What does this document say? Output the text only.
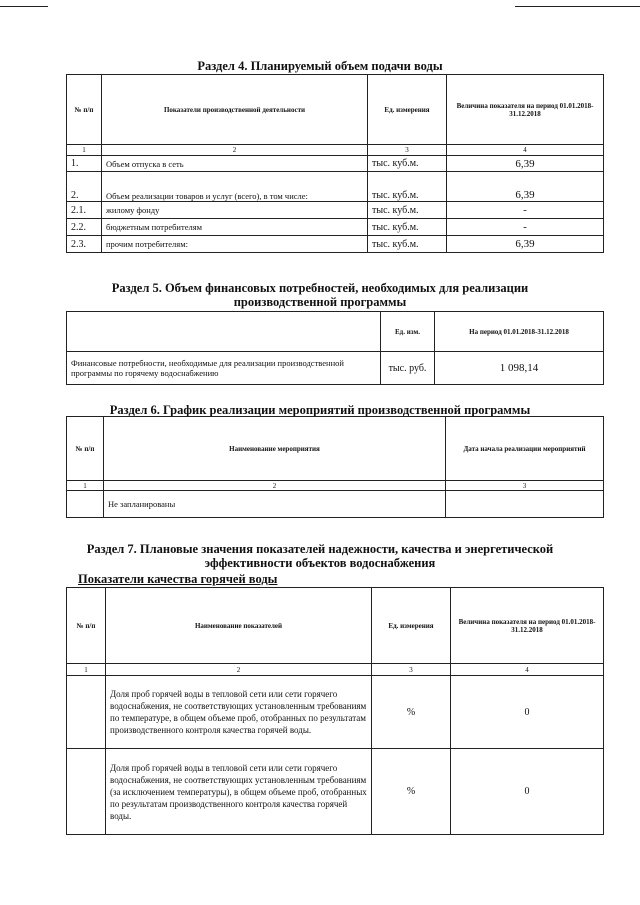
Раздел 4. Планируемый объем подачи воды
№ п/п	Показатели производственной деятельности	Ед. измерения	Величина показателя на период 01.01.2018-31.12.2018
1	2	3	4
1.	Объем отпуска в сеть	тыс. куб.м.	6,39
2.	Объем реализации товаров и услуг (всего), в том числе:	тыс. куб.м.	6,39
2.1.	жилому фонду	тыс. куб.м.	-
2.2.	бюджетным потребителям	тыс. куб.м.	-
2.3.	прочим потребителям:	тыс. куб.м.	6,39
Раздел 5. Объем финансовых потребностей, необходимых для реализации
производственной программы
	Ед. изм.	На период 01.01.2018-31.12.2018
Финансовые потребности, необходимые для реализации производственной программы по горячему водоснабжению	тыс. руб.	1 098,14
Раздел 6. График реализации мероприятий производственной программы
№ п/п	Наименование мероприятия	Дата начала реализации мероприятий
1	2	3
	Не запланированы	
Раздел 7. Плановые значения показателей надежности, качества и энергетической
эффективности объектов водоснабжения
Показатели качества горячей воды
№ п/п	Наименование показателей	Ед. измерения	Величина показателя на период 01.01.2018-31.12.2018
1	2	3	4
	Доля проб горячей воды в тепловой сети или сети горячего водоснабжения, не соответствующих установленным требованиям по температуре, в общем объеме проб, отобранных по результатам производственного контроля качества горячей воды.	%	0
	Доля проб горячей воды в тепловой сети или сети горячего водоснабжения, не соответствующих установленным требованиям (за исключением температуры), в общем объеме проб, отобранных по результатам производственного контроля качества горячей воды.	%	0
